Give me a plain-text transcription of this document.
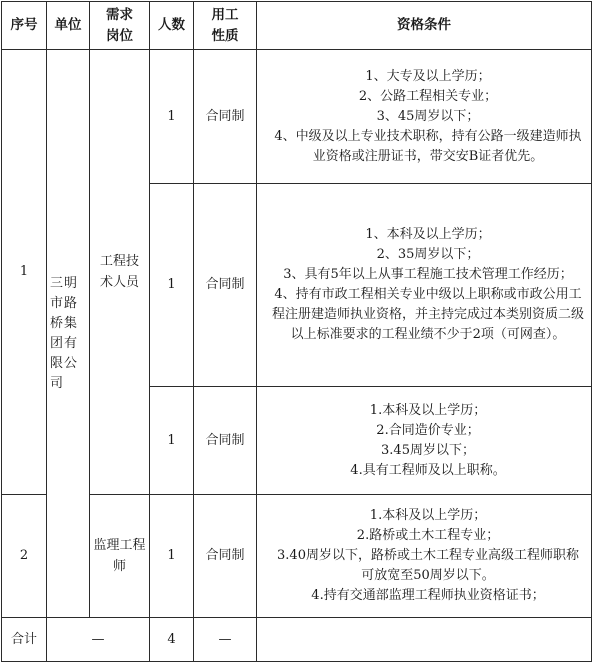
序号	单位	需求岗位	人数	用工性质	资格条件
1	三明市路桥集团有限公司	工程技术人员	1	合同制	1、大专及以上学历；
2、公路工程相关专业；
3、45周岁以下；
4、中级及以上专业技术职称，持有公路一级建造师执业资格或注册证书，带交安B证者优先。

			1	合同制	1、本科及以上学历；
2、35周岁以下；
3、具有5年以上从事工程施工技术管理工作经历；
4、持有市政工程相关专业中级以上职称或市政公用工程注册建造师执业资格，并主持完成过本类别资质二级以上标准要求的工程业绩不少于2项（可网查）。

			1	合同制	1.本科及以上学历；
2.合同造价专业；
3.45周岁以下；
4.具有工程师及以上职称。

2		监理工程师	1	合同制	1.本科及以上学历；
2.路桥或土木工程专业；
3.40周岁以下，路桥或土木工程专业高级工程师职称可放宽至50周岁以下。
4.持有交通部监理工程师执业资格证书；

合计	—		4	—	
